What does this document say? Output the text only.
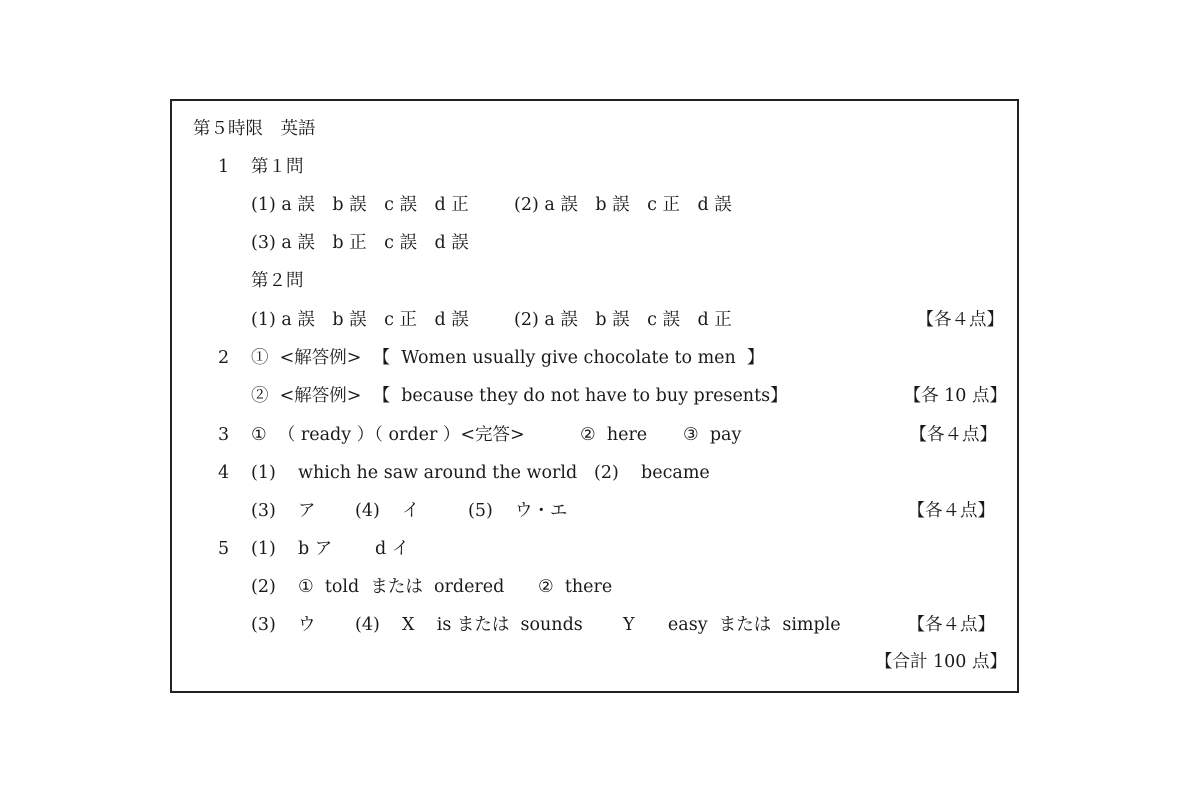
第５時限　英語
1 第１問
(1) a 誤　b 誤　c 誤　d 正	(2) a 誤　b 誤　c 正　d 誤
(3) a 誤　b 正　c 誤　d 誤
第２問
(1) a 誤　b 誤　c 正　d 誤	(2) a 誤　b 誤　c 誤　d 正	【各４点】
2 ①  <解答例>  【  Women usually give chocolate to men  】
②  <解答例>  【  because they do not have to buy presents】	【各 10 点】
3 ①  （ ready ）（ order ）<完答>	②  here ③  pay	【各４点】
4 (1)    which he saw around the world (2)    became
(3)    ア (4)    イ	(5)    ウ・エ	【各４点】
5 (1)    b ア d イ
(2)    ①  told  または  ordered ②  there
(3)    ウ (4)    X    is または  sounds Y      easy  または  simple	【各４点】
【合計 100 点】
